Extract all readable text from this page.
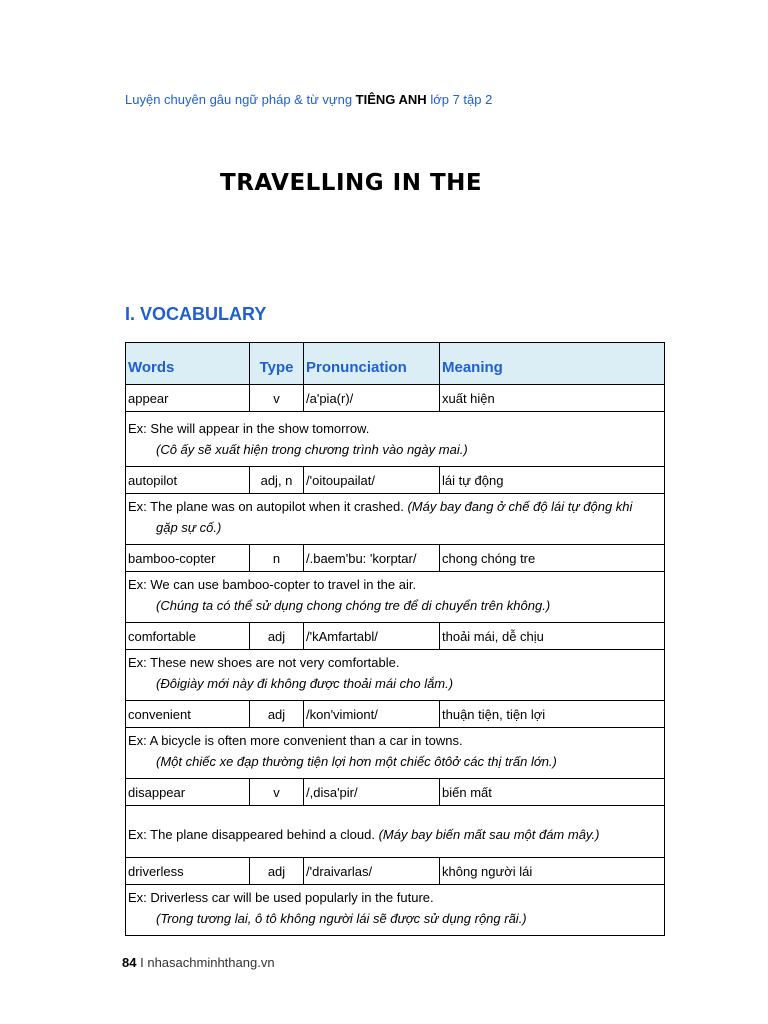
Luyện chuyên gâu ngữ pháp & từ vựng TIÊNG ANH lớp 7 tập 2
TRAVELLING IN THE
I. VOCABULARY
Words	Type	Pronunciation	Meaning
appear	v	/a'pia(r)/	xuất hiện
Ex: She will appear in the show tomorrow.
(Cô ấy sẽ xuất hiện trong chương trình vào ngày mai.)			

autopilot	adj, n	/'oitoupailat/	lái tự động
Ex: The plane was on autopilot when it crashed. (Máy bay đang ở chế độ lái tự động khi
gặp sự cố.)			

bamboo-copter	n	/.baem'bu: 'korptar/	chong chóng tre
Ex: We can use bamboo-copter to travel in the air.
(Chúng ta có thể sử dụng chong chóng tre để di chuyển trên không.)			

comfortable	adj	/'kAmfartabl/	thoải mái, dễ chịu
Ex: These new shoes are not very comfortable.
(Đôigiày mới này đi không được thoải mái cho lắm.)			

convenient	adj	/kon'vimiont/	thuận tiện, tiện lợi
Ex: A bicycle is often more convenient than a car in towns.
(Một chiếc xe đạp thường tiện lợi hơn một chiếc ôtôở các thị trấn lớn.)			

disappear	v	/,disa'pir/	biến mất
Ex: The plane disappeared behind a cloud. (Máy bay biến mất sau một đám mây.)			
driverless	adj	/'draivarlas/	không người lái
Ex: Driverless car will be used popularly in the future.
(Trong tương lai, ô tô không người lái sẽ được sử dụng rộng rãi.)			
84 I nhasachminhthang.vn
